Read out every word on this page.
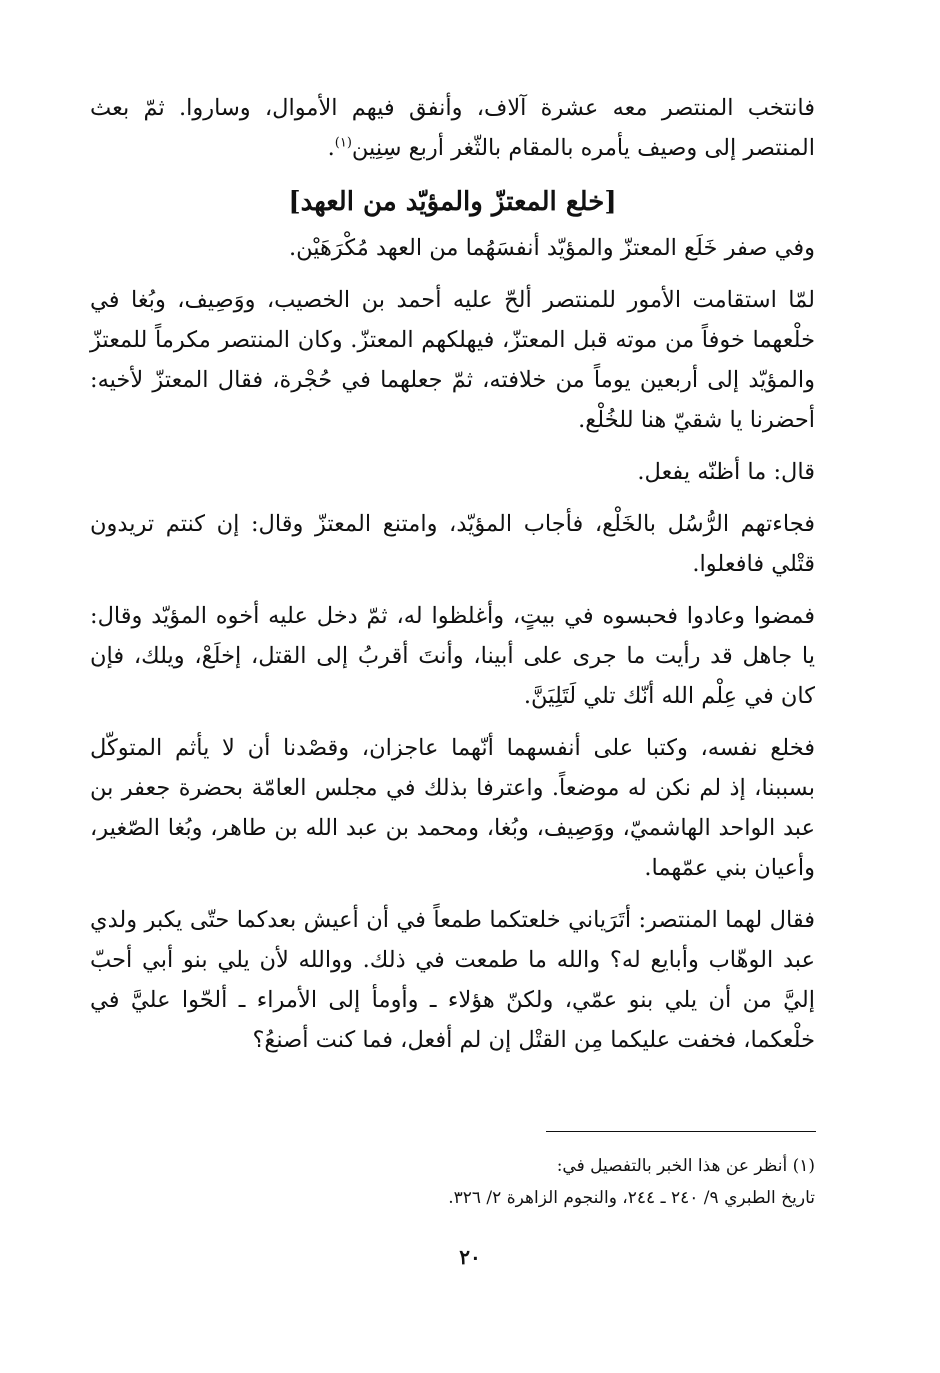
فانتخب المنتصر معه عشرة آلاف، وأنفق فيهم الأموال، وساروا. ثمّ بعث المنتصر إلى وصيف يأمره بالمقام بالثّغر أربع سِنِين$^{(١)}$.

[خلع المعتزّ والمؤيّد من العهد]

وفي صفر خَلَع المعتزّ والمؤيّد أنفسَهُما من العهد مُكْرَهَيْن.

لمّا استقامت الأمور للمنتصر ألحّ عليه أحمد بن الخصيب، ووَصِيف، وبُغا في خلْعهما خوفاً من موته قبل المعتزّ، فيهلكهم المعتزّ. وكان المنتصر مكرماً للمعتزّ والمؤيّد إلى أربعين يوماً من خلافته، ثمّ جعلهما في حُجْرة، فقال المعتزّ لأخيه: أحضرنا يا شقيّ هنا للخُلْع.

قال: ما أظنّه يفعل.

فجاءتهم الرُّسُل بالخَلْع، فأجاب المؤيّد، وامتنع المعتزّ وقال: إن كنتم تريدون قتْلي فافعلوا.

فمضوا وعادوا فحبسوه في بيتٍ، وأغلظوا له، ثمّ دخل عليه أخوه المؤيّد وقال: يا جاهل قد رأيت ما جرى على أبينا، وأنتَ أقربُ إلى القتل، إخلَعْ، ويلك، فإن كان في عِلْم الله أنّك تلي لَتَلِيَنَّ.

فخلع نفسه، وكتبا على أنفسهما أنّهما عاجزان، وقصْدنا أن لا يأثم المتوكّل بسببنا، إذ لم نكن له موضعاً. واعترفا بذلك في مجلس العامّة بحضرة جعفر بن عبد الواحد الهاشميّ، ووَصِيف، وبُغا، ومحمد بن عبد الله بن طاهر، وبُغا الصّغير، وأعيان بني عمّهما.

فقال لهما المنتصر: أتَرَياني خلعتكما طمعاً في أن أعيش بعدكما حتّى يكبر ولدي عبد الوهّاب وأبايع له؟ والله ما طمعت في ذلك. ووالله لأن يلي بنو أبي أحبّ إليَّ من أن يلي بنو عمّي، ولكنّ هؤلاء ـ وأومأ إلى الأمراء ـ ألحّوا عليَّ في خلْعكما، فخفت عليكما مِن القتْل إن لم أفعل، فما كنت أصنعُ؟

(١) أنظر عن هذا الخبر بالتفصيل في:
تاريخ الطبري ٩/ ٢٤٠ ـ ٢٤٤، والنجوم الزاهرة ٢/ ٣٢٦.
٢٠
